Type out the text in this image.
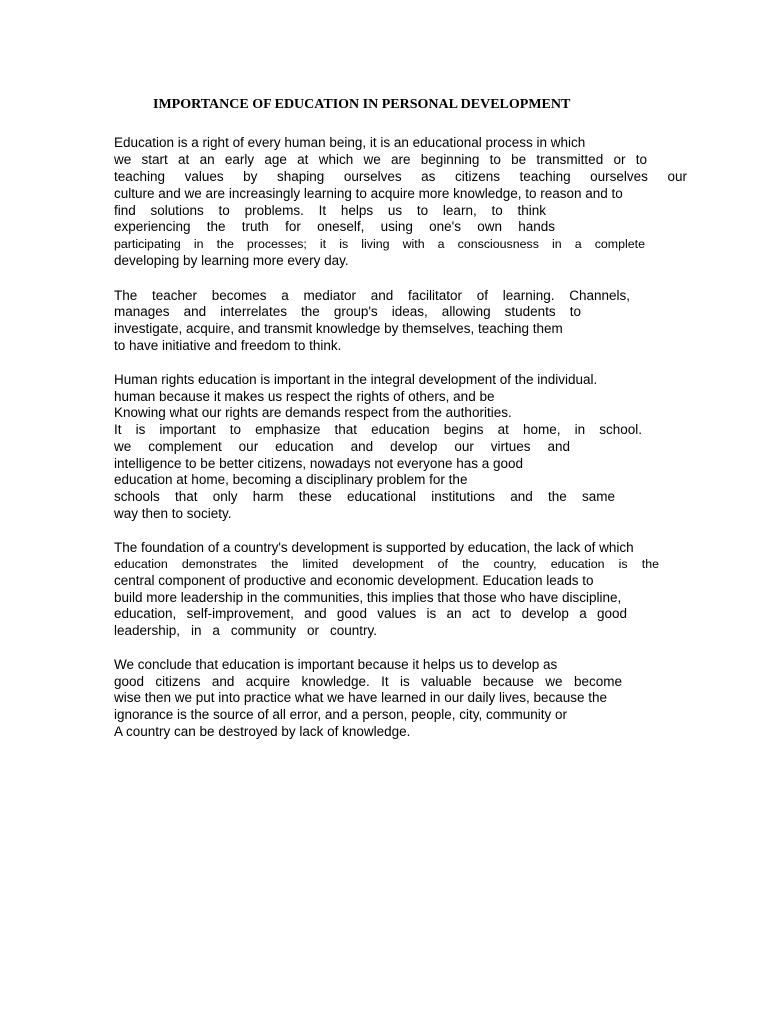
IMPORTANCE OF EDUCATION IN PERSONAL DEVELOPMENT
Education is a right of every human being, it is an educational process in which
we start at an early age at which we are beginning to be transmitted or to
teaching values by shaping ourselves as citizens teaching ourselves our
culture and we are increasingly learning to acquire more knowledge, to reason and to
find solutions to problems. It helps us to learn, to think
experiencing the truth for oneself, using one's own hands
participating in the processes; it is living with a consciousness in a complete
developing by learning more every day.
The teacher becomes a mediator and facilitator of learning. Channels,
manages and interrelates the group's ideas, allowing students to
investigate, acquire, and transmit knowledge by themselves, teaching them
to have initiative and freedom to think.
Human rights education is important in the integral development of the individual.
human because it makes us respect the rights of others, and be
Knowing what our rights are demands respect from the authorities.
It is important to emphasize that education begins at home, in school.
we complement our education and develop our virtues and
intelligence to be better citizens, nowadays not everyone has a good
education at home, becoming a disciplinary problem for the
schools that only harm these educational institutions and the same
way then to society.
The foundation of a country's development is supported by education, the lack of which
education demonstrates the limited development of the country, education is the
central component of productive and economic development. Education leads to
build more leadership in the communities, this implies that those who have discipline,
education, self-improvement, and good values is an act to develop a good
leadership, in a community or country.
We conclude that education is important because it helps us to develop as
good citizens and acquire knowledge. It is valuable because we become
wise then we put into practice what we have learned in our daily lives, because the
ignorance is the source of all error, and a person, people, city, community or
A country can be destroyed by lack of knowledge.
